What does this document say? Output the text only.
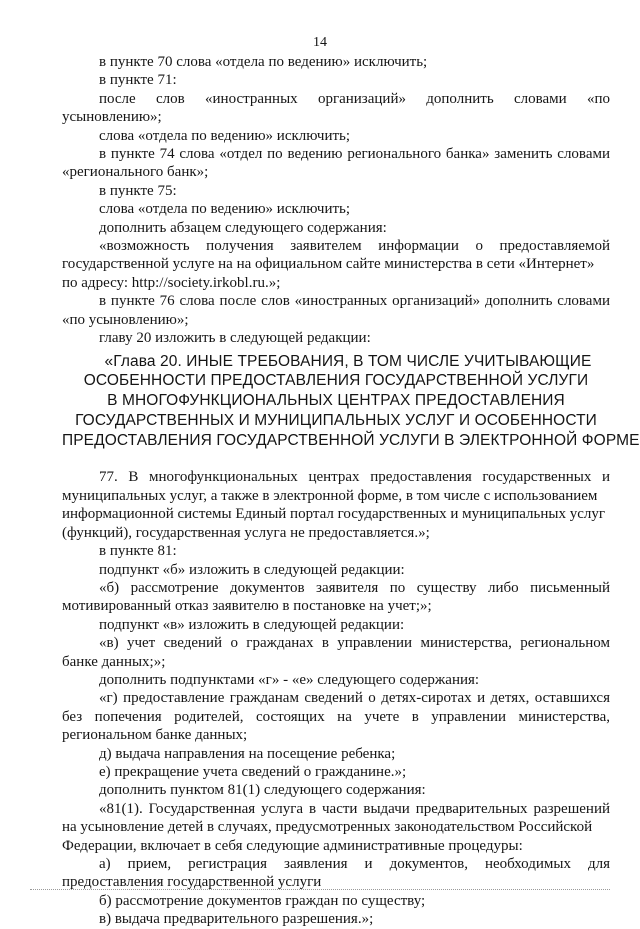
14
в пункте 70 слова «отдела по ведению» исключить;
в пункте 71:
после слов «иностранных организаций» дополнить словами «по
усыновлению»;
слова «отдела по ведению» исключить;
в пункте 74 слова «отдел по ведению регионального банка» заменить словами
«регионального банк»;
в пункте 75:
слова «отдела по ведению» исключить;
дополнить абзацем следующего содержания:
«возможность получения заявителем информации о предоставляемой
государственной услуге на на официальном сайте министерства в сети «Интернет»
по адресу: http://society.irkobl.ru.»;
в пункте 76 слова после слов «иностранных организаций» дополнить словами
«по усыновлению»;
главу 20 изложить в следующей редакции:
«Глава 20. ИНЫЕ ТРЕБОВАНИЯ, В ТОМ ЧИСЛЕ УЧИТЫВАЮЩИЕ
ОСОБЕННОСТИ ПРЕДОСТАВЛЕНИЯ ГОСУДАРСТВЕННОЙ УСЛУГИ
В МНОГОФУНКЦИОНАЛЬНЫХ ЦЕНТРАХ ПРЕДОСТАВЛЕНИЯ
ГОСУДАРСТВЕННЫХ И МУНИЦИПАЛЬНЫХ УСЛУГ И ОСОБЕННОСТИ
ПРЕДОСТАВЛЕНИЯ ГОСУДАРСТВЕННОЙ УСЛУГИ В ЭЛЕКТРОННОЙ ФОРМЕ
77. В многофункциональных центрах предоставления государственных и
муниципальных услуг, а также в электронной форме, в том числе с использованием
информационной системы Единый портал государственных и муниципальных услуг
(функций), государственная услуга не предоставляется.»;
в пункте 81:
подпункт «б» изложить в следующей редакции:
«б) рассмотрение документов заявителя по существу либо письменный
мотивированный отказ заявителю в постановке на учет;»;
подпункт «в» изложить в следующей редакции:
«в) учет сведений о гражданах в управлении министерства, региональном
банке данных;»;
дополнить подпунктами «г» - «е» следующего содержания:
«г) предоставление гражданам сведений о детях-сиротах и детях, оставшихся
без попечения родителей, состоящих на учете в управлении министерства,
региональном банке данных;
д) выдача направления на посещение ребенка;
е) прекращение учета сведений о гражданине.»;
дополнить пунктом 81(1) следующего содержания:
«81(1). Государственная услуга в части выдачи предварительных разрешений
на усыновление детей в случаях, предусмотренных законодательством Российской
Федерации, включает в себя следующие административные процедуры:
а) прием, регистрация заявления и документов, необходимых для
предоставления государственной услуги
б) рассмотрение документов граждан по существу;
в) выдача предварительного разрешения.»;
